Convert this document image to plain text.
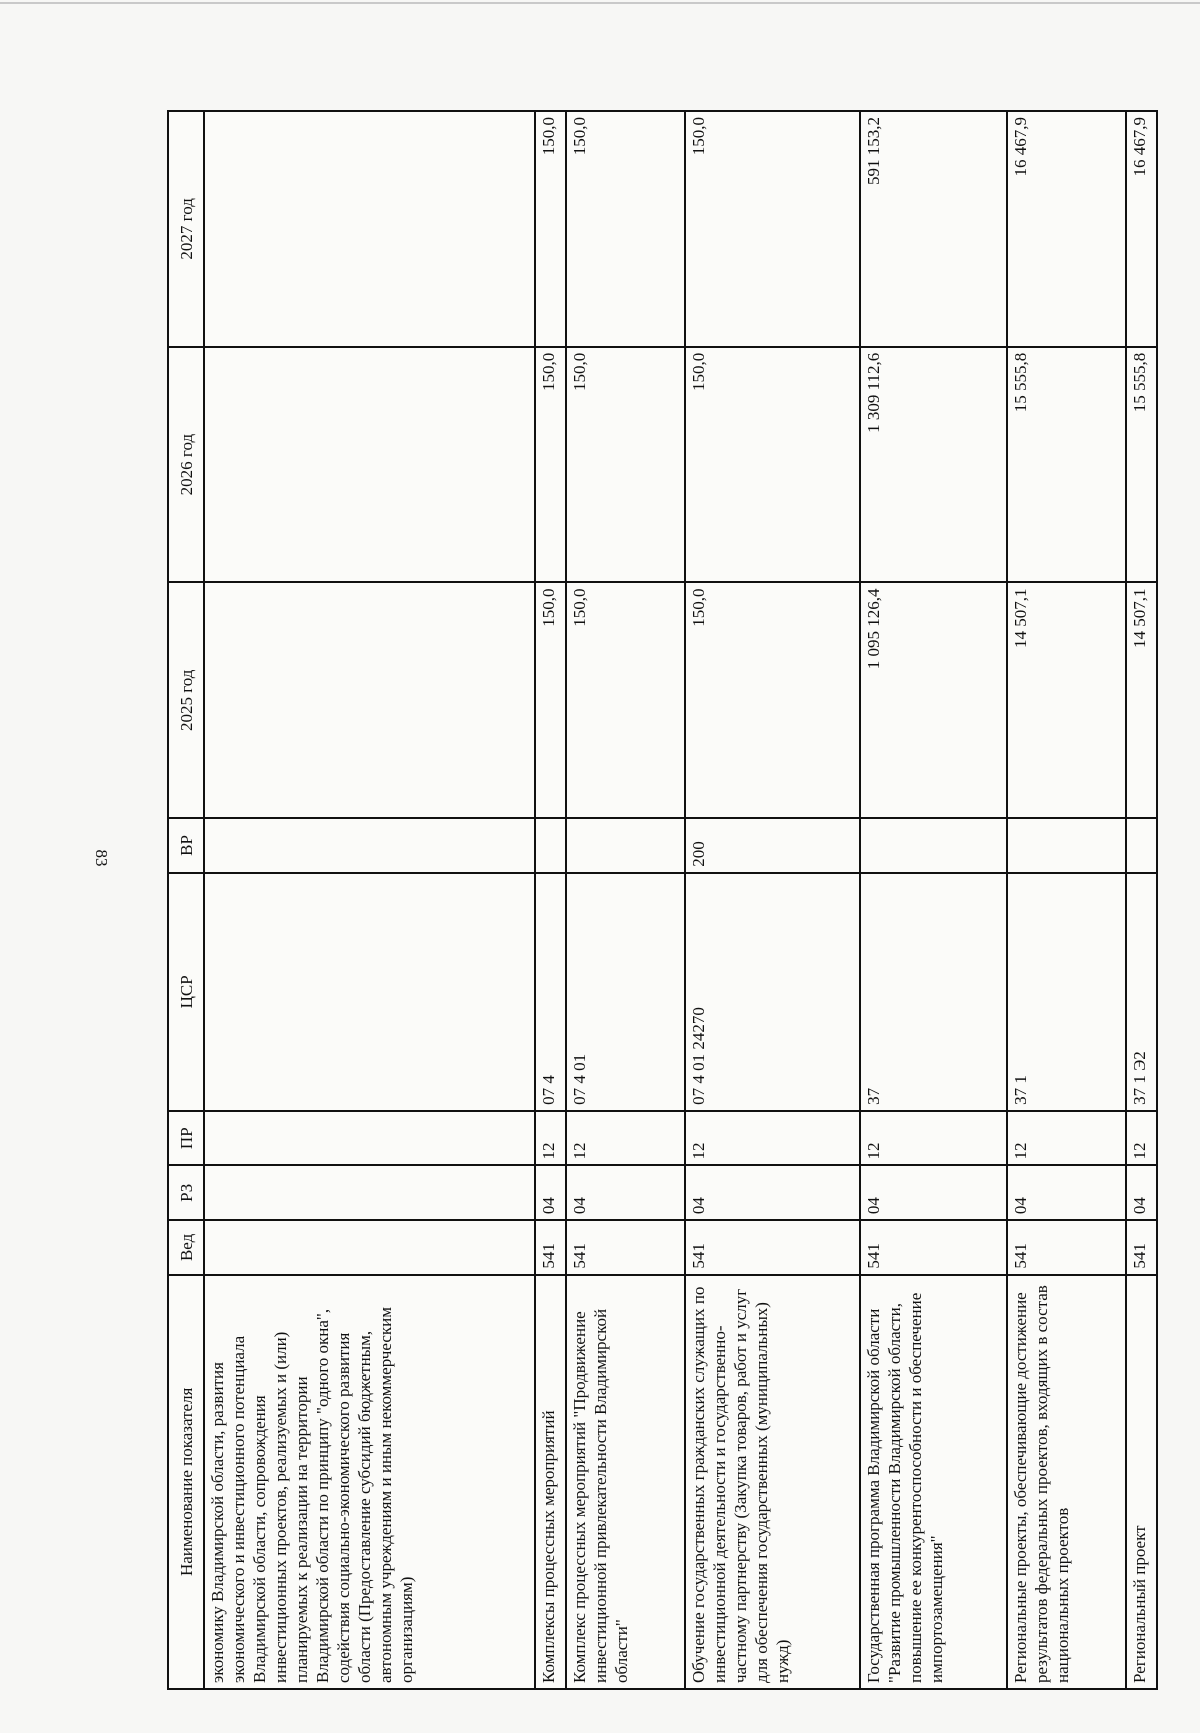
83
Наименование показателя	Вед	РЗ	ПР	ЦСР	ВР	2025 год	2026 год	2027 год
экономику Владимирской области, развития экономического и инвестиционного потенциала Владимирской области, сопровождения инвестиционных проектов, реализуемых и (или) планируемых к реализации на территории Владимирской области по принципу "одного окна", содействия социально-экономического развития области (Предоставление субсидий бюджетным, автономным учреждениям и иным некоммерческим организациям)								
Комплексы процессных мероприятий	541	04	12	07 4		150,0	150,0	150,0
Комплекс процессных мероприятий "Продвижение инвестиционной привлекательности Владимирской области"	541	04	12	07 4 01		150,0	150,0	150,0
Обучение государственных гражданских служащих по инвестиционной деятельности и государственно-частному партнерству (Закупка товаров, работ и услуг для обеспечения государственных (муниципальных) нужд)	541	04	12	07 4 01 24270	200	150,0	150,0	150,0
Государственная программа Владимирской области "Развитие промышленности Владимирской области, повышение ее конкурентоспособности и обеспечение импортозамещения"	541	04	12	37		1 095 126,4	1 309 112,6	591 153,2
Региональные проекты, обеспечивающие достижение результатов федеральных проектов, входящих в состав национальных проектов	541	04	12	37 1		14 507,1	15 555,8	16 467,9
Региональный проект	541	04	12	37 1 Э2		14 507,1	15 555,8	16 467,9
